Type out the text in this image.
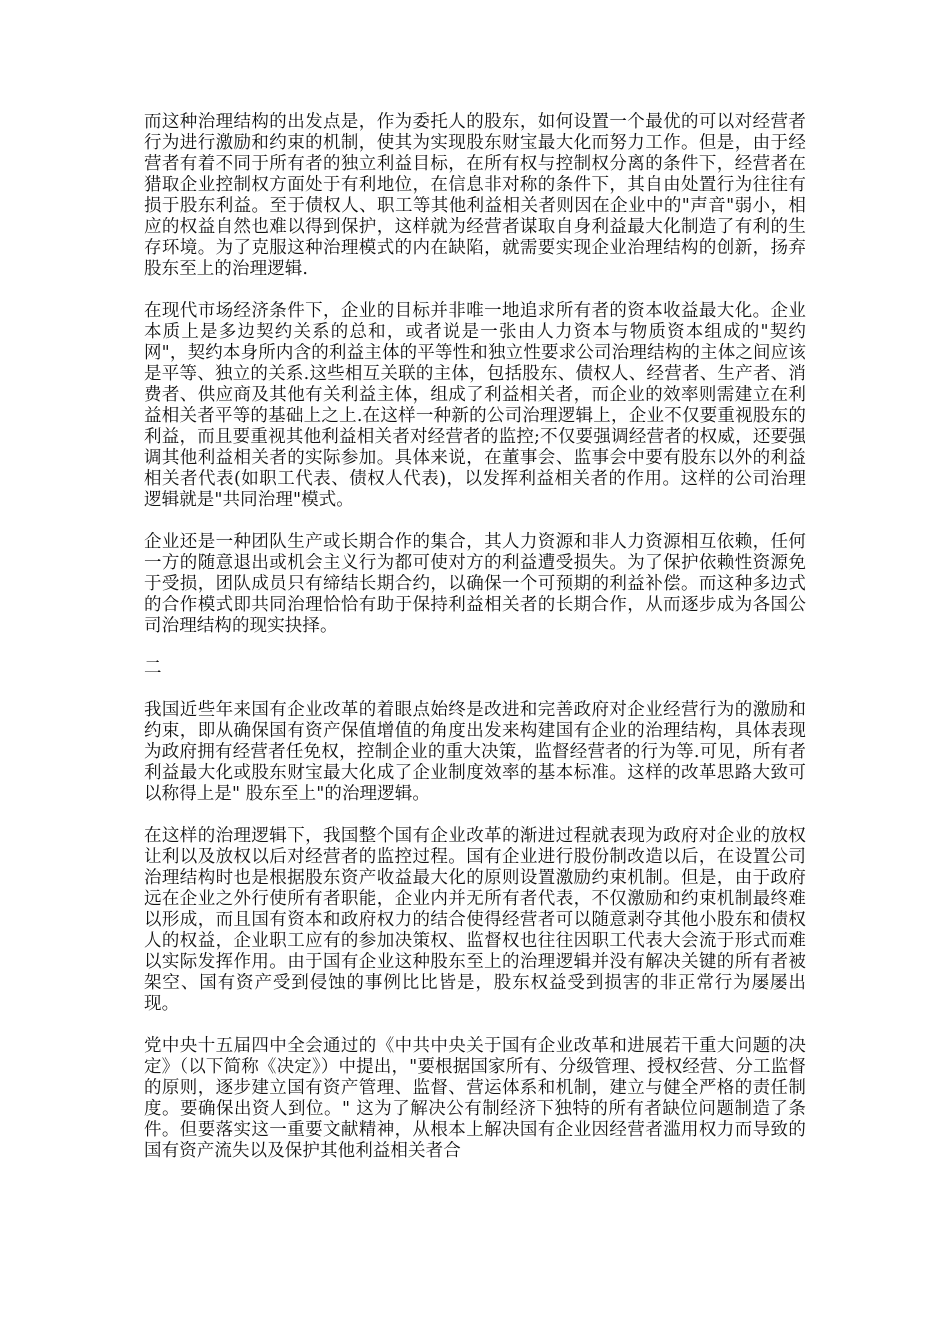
而这种治理结构的出发点是，作为委托人的股东，如何设置一个最优的可以对经营者行为进行激励和约束的机制，使其为实现股东财宝最大化而努力工作。但是，由于经营者有着不同于所有者的独立利益目标，在所有权与控制权分离的条件下，经营者在猎取企业控制权方面处于有利地位，在信息非对称的条件下，其自由处置行为往往有损于股东利益。至于债权人、职工等其他利益相关者则因在企业中的"声音"弱小，相应的权益自然也难以得到保护，这样就为经营者谋取自身利益最大化制造了有利的生存环境。为了克服这种治理模式的内在缺陷，就需要实现企业治理结构的创新，扬弃股东至上的治理逻辑.

在现代市场经济条件下，企业的目标并非唯一地追求所有者的资本收益最大化。企业本质上是多边契约关系的总和，或者说是一张由人力资本与物质资本组成的"契约网"，契约本身所内含的利益主体的平等性和独立性要求公司治理结构的主体之间应该是平等、独立的关系.这些相互关联的主体，包括股东、债权人、经营者、生产者、消费者、供应商及其他有关利益主体，组成了利益相关者，而企业的效率则需建立在利益相关者平等的基础上之上.在这样一种新的公司治理逻辑上，企业不仅要重视股东的利益，而且要重视其他利益相关者对经营者的监控;不仅要强调经营者的权威，还要强调其他利益相关者的实际参加。具体来说，在董事会、监事会中要有股东以外的利益相关者代表(如职工代表、债权人代表)，以发挥利益相关者的作用。这样的公司治理逻辑就是"共同治理"模式。

企业还是一种团队生产或长期合作的集合，其人力资源和非人力资源相互依赖，任何一方的随意退出或机会主义行为都可使对方的利益遭受损失。为了保护依赖性资源免于受损，团队成员只有缔结长期合约，以确保一个可预期的利益补偿。而这种多边式的合作模式即共同治理恰恰有助于保持利益相关者的长期合作，从而逐步成为各国公司治理结构的现实抉择。

二

我国近些年来国有企业改革的着眼点始终是改进和完善政府对企业经营行为的激励和约束，即从确保国有资产保值增值的角度出发来构建国有企业的治理结构，具体表现为政府拥有经营者任免权，控制企业的重大决策，监督经营者的行为等.可见，所有者利益最大化或股东财宝最大化成了企业制度效率的基本标准。这样的改革思路大致可以称得上是" 股东至上"的治理逻辑。

在这样的治理逻辑下，我国整个国有企业改革的渐进过程就表现为政府对企业的放权让利以及放权以后对经营者的监控过程。国有企业进行股份制改造以后，在设置公司治理结构时也是根据股东资产收益最大化的原则设置激励约束机制。但是，由于政府远在企业之外行使所有者职能，企业内并无所有者代表，不仅激励和约束机制最终难以形成，而且国有资本和政府权力的结合使得经营者可以随意剥夺其他小股东和债权人的权益，企业职工应有的参加决策权、监督权也往往因职工代表大会流于形式而难以实际发挥作用。由于国有企业这种股东至上的治理逻辑并没有解决关键的所有者被架空、国有资产受到侵蚀的事例比比皆是，股东权益受到损害的非正常行为屡屡出现。

党中央十五届四中全会通过的《中共中央关于国有企业改革和进展若干重大问题的决定》（以下简称《决定》）中提出，"要根据国家所有、分级管理、授权经营、分工监督的原则，逐步建立国有资产管理、监督、营运体系和机制，建立与健全严格的责任制度。要确保出资人到位。" 这为了解决公有制经济下独特的所有者缺位问题制造了条件。但要落实这一重要文献精神，从根本上解决国有企业因经营者滥用权力而导致的国有资产流失以及保护其他利益相关者合
